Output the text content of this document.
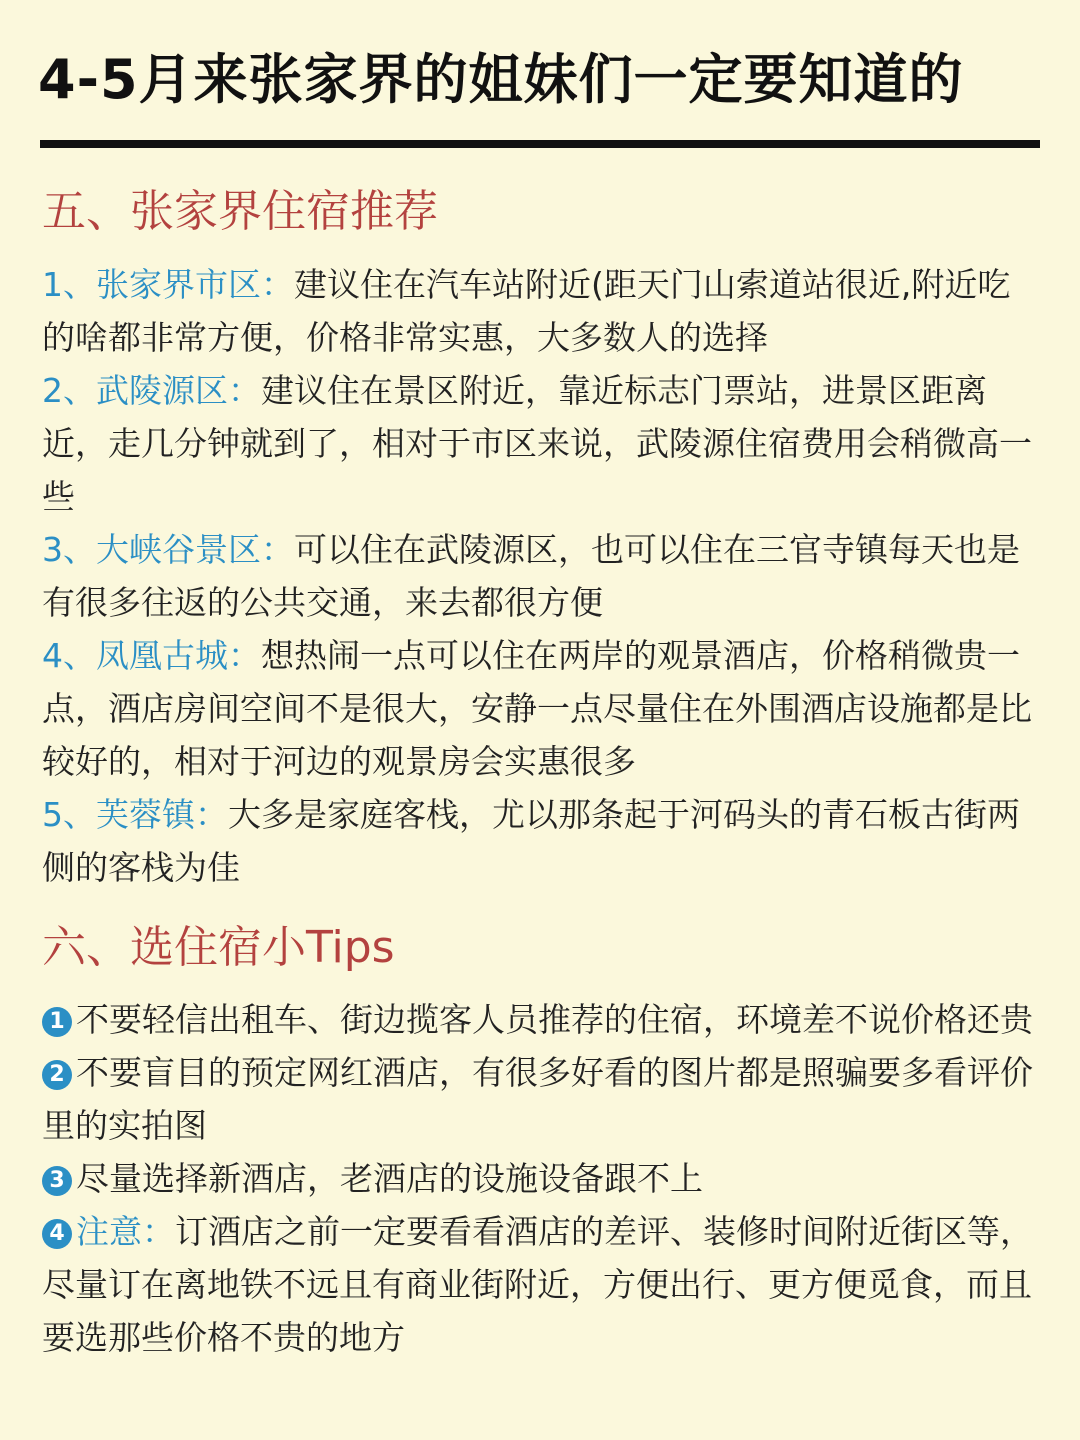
4-5月来张家界的姐妹们一定要知道的
五、张家界住宿推荐

1、张家界市区：建议住在汽车站附近(距天门山索道站很近,附近吃的啥都非常方便，价格非常实惠，大多数人的选择

2、武陵源区：建议住在景区附近，靠近标志门票站，进景区距离近，走几分钟就到了，相对于市区来说，武陵源住宿费用会稍微高一些

3、大峡谷景区：可以住在武陵源区，也可以住在三官寺镇每天也是有很多往返的公共交通，来去都很方便

4、凤凰古城：想热闹一点可以住在两岸的观景酒店，价格稍微贵一点，酒店房间空间不是很大，安静一点尽量住在外围酒店设施都是比较好的，相对于河边的观景房会实惠很多

5、芙蓉镇：大多是家庭客栈，尤以那条起于河码头的青石板古街两侧的客栈为佳

六、选住宿小Tips

1 不要轻信出租车、街边揽客人员推荐的住宿，环境差不说价格还贵

2 不要盲目的预定网红酒店，有很多好看的图片都是照骗要多看评价里的实拍图

3 尽量选择新酒店，老酒店的设施设备跟不上

4 注意：订酒店之前一定要看看酒店的差评、装修时间附近街区等，尽量订在离地铁不远且有商业街附近，方便出行、更方便觅食，而且要选那些价格不贵的地方
